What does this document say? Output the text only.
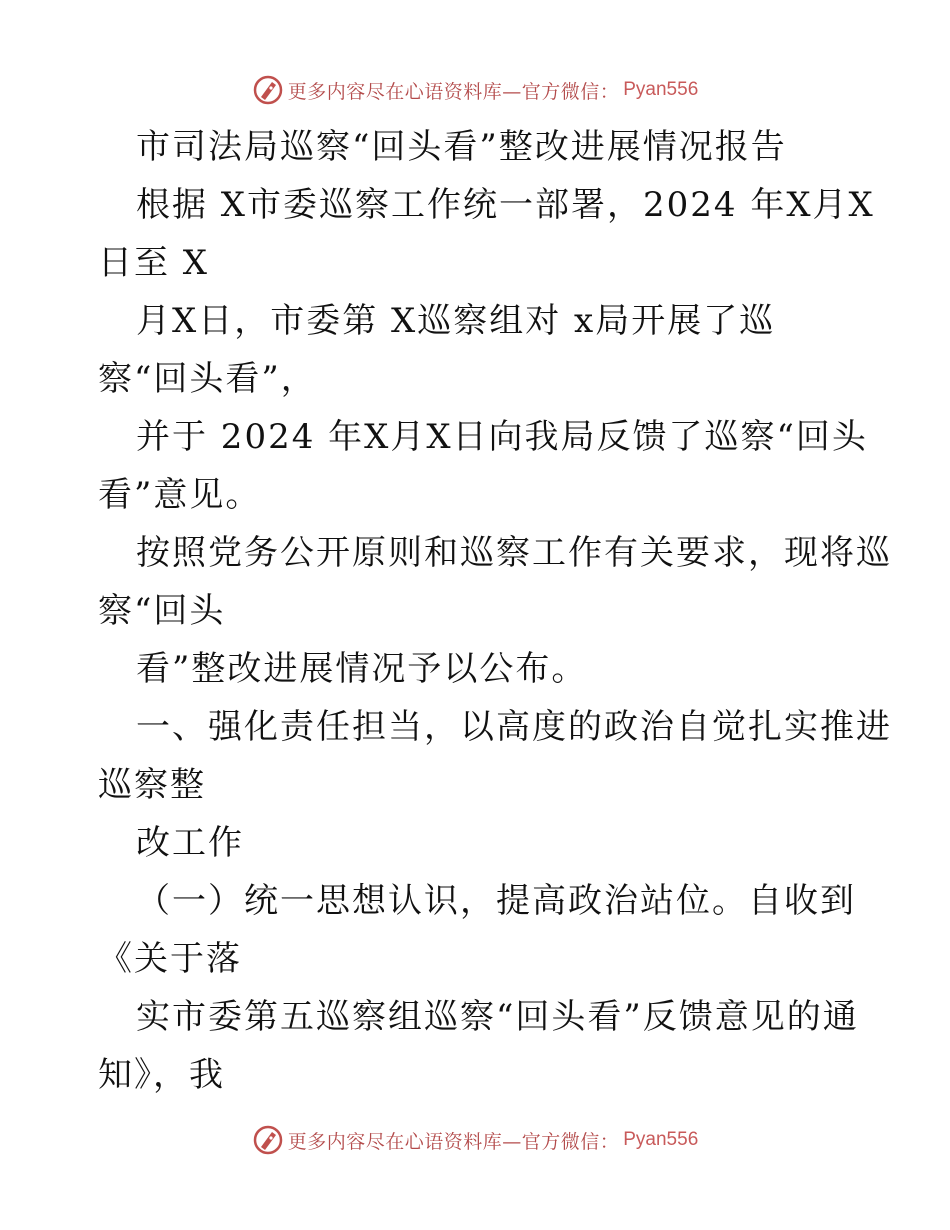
更多内容尽在心语资料库—官方微信： Pyan556
市司法局巡察“回头看”整改进展情况报告
根据 X市委巡察工作统一部署，2024 年X月X
日至 X
月X日，市委第 X巡察组对 x局开展了巡
察“回头看”，
并于 2024 年X月X日向我局反馈了巡察“回头
看”意见。
按照党务公开原则和巡察工作有关要求，现将巡
察“回头
看”整改进展情况予以公布。
一、强化责任担当，以高度的政治自觉扎实推进
巡察整
改工作
（一）统一思想认识，提高政治站位。自收到
《关于落
实市委第五巡察组巡察“回头看”反馈意见的通
知》，我
更多内容尽在心语资料库—官方微信： Pyan556
